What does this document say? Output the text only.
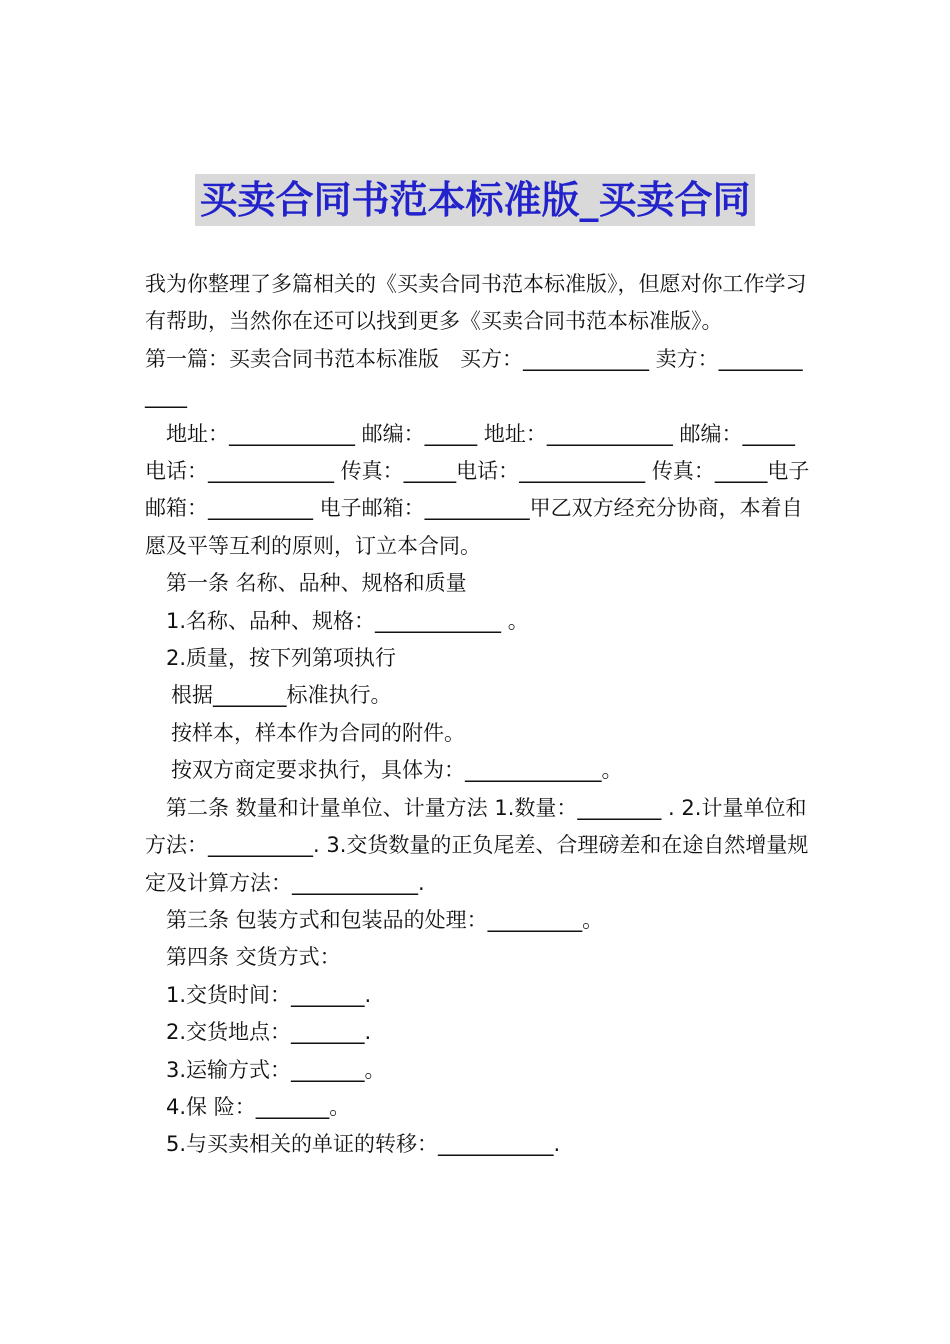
买卖合同书范本标准版_买卖合同

我为你整理了多篇相关的《买卖合同书范本标准版》，但愿对你工作学习有帮助，当然你在还可以找到更多《买卖合同书范本标准版》。

第一篇：买卖合同书范本标准版　买方：____________ 卖方：____________

地址：____________ 邮编：_____ 地址：____________ 邮编：_____电话：____________ 传真：_____电话：____________ 传真：_____电子邮箱：__________ 电子邮箱：__________甲乙双方经充分协商，本着自愿及平等互利的原则，订立本合同。

第一条 名称、品种、规格和质量

1.名称、品种、规格：____________ 。

2.质量，按下列第项执行

根据_______标准执行。

按样本，样本作为合同的附件。

按双方商定要求执行，具体为：_____________。

第二条 数量和计量单位、计量方法 1.数量：________ . 2.计量单位和方法：__________. 3.交货数量的正负尾差、合理磅差和在途自然增量规定及计算方法：____________.

第三条 包装方式和包装品的处理：_________。

第四条 交货方式：

1.交货时间：_______.

2.交货地点：_______.

3.运输方式：_______。

4.保 险：_______。

5.与买卖相关的单证的转移：___________.
